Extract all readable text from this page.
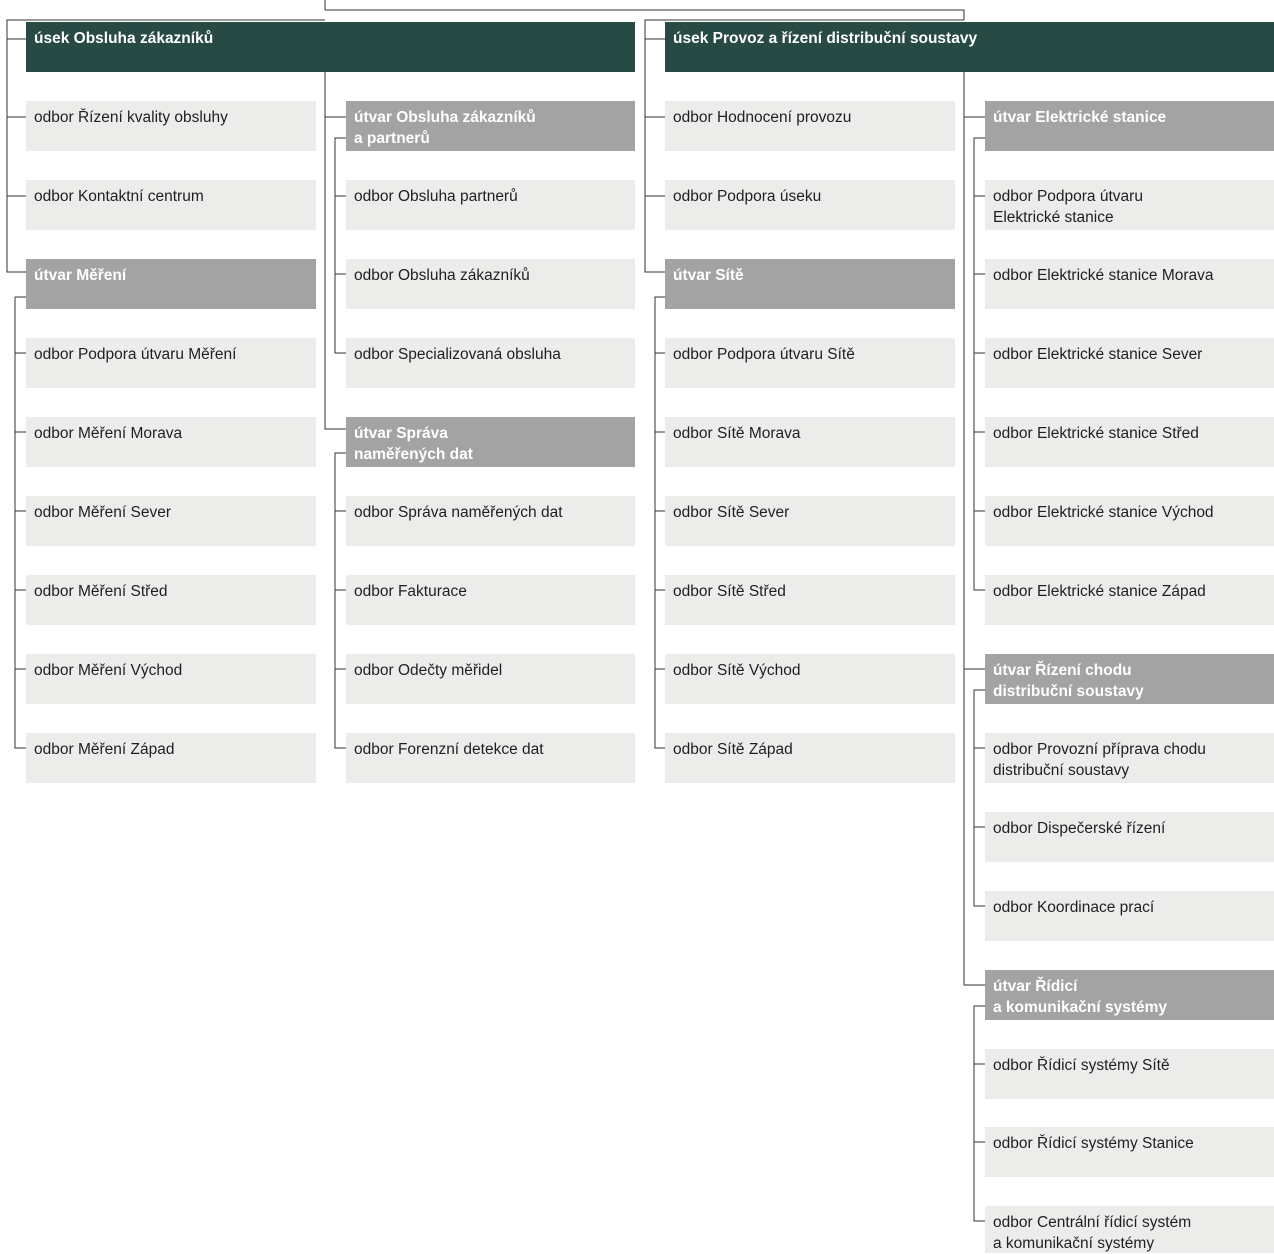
úsek Obsluha zákazníků
odbor Řízení kvality obsluhy
odbor Kontaktní centrum
útvar Měření
odbor Podpora útvaru Měření
odbor Měření Morava
odbor Měření Sever
odbor Měření Střed
odbor Měření Východ
odbor Měření Západ
útvar Obsluha zákazníků
a partnerů
odbor Obsluha partnerů
odbor Obsluha zákazníků
odbor Specializovaná obsluha
útvar Správa
naměřených dat
odbor Správa naměřených dat
odbor Fakturace
odbor Odečty měřidel
odbor Forenzní detekce dat
úsek Provoz a řízení distribuční soustavy
odbor Hodnocení provozu
odbor Podpora úseku
útvar Sítě
odbor Podpora útvaru Sítě
odbor Sítě Morava
odbor Sítě Sever
odbor Sítě Střed
odbor Sítě Východ
odbor Sítě Západ
útvar Elektrické stanice
odbor Podpora útvaru
Elektrické stanice
odbor Elektrické stanice Morava
odbor Elektrické stanice Sever
odbor Elektrické stanice Střed
odbor Elektrické stanice Východ
odbor Elektrické stanice Západ
útvar Řízení chodu
distribuční soustavy
odbor Provozní příprava chodu
distribuční soustavy
odbor Dispečerské řízení
odbor Koordinace prací
útvar Řídicí
a komunikační systémy
odbor Řídicí systémy Sítě
odbor Řídicí systémy Stanice
odbor Centrální řídicí systém
a komunikační systémy
